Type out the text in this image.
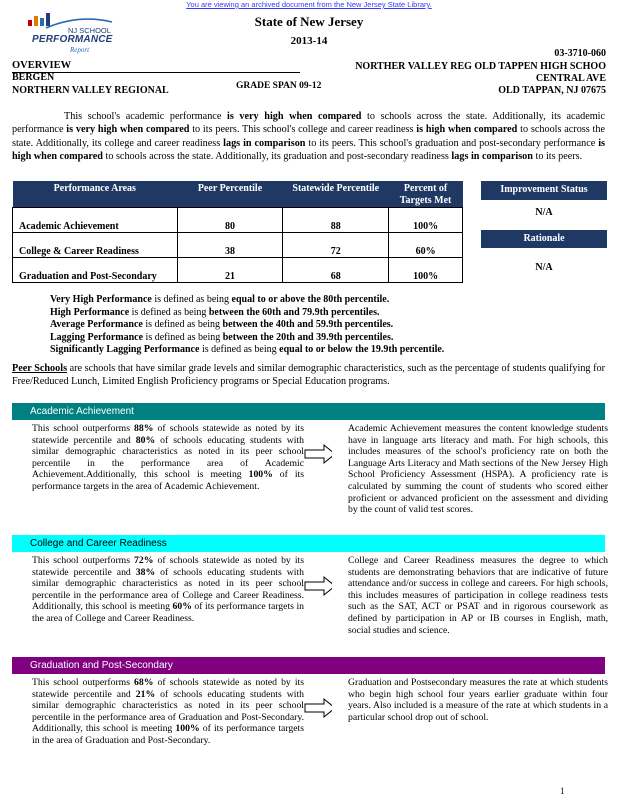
You are viewing an archived document from the New Jersey State Library.
NJ SCHOOL
PERFORMANCE
Report
State of New Jersey
2013-14
03-3710-060
OVERVIEW
BERGEN
NORTHERN VALLEY REGIONAL	GRADE SPAN 09-12
NORTHER VALLEY REG OLD TAPPEN HIGH SCHOO
CENTRAL AVE
OLD TAPPAN, NJ 07675
This school's academic performance is very high when compared to schools across the state. Additionally, its academic performance is very high when compared to its peers. This school's college and career readiness is high when compared to schools across the state. Additionally, its college and career readiness lags in comparison to its peers. This school's graduation and post-secondary performance is high when compared to schools across the state. Additionally, its graduation and post-secondary readiness lags in comparison to its peers.
Performance Areas	Peer Percentile	Statewide Percentile	Percent of Targets Met
Academic Achievement	80	88	100%
College & Career Readiness	38	72	60%
Graduation and Post-Secondary	21	68	100%
Improvement Status
N/A
Rationale
N/A
Very High Performance is defined as being equal to or above the 80th percentile.
High Performance is defined as being between the 60th and 79.9th percentiles.
Average Performance is defined as being between the 40th and 59.9th percentiles.
Lagging Performance is defined as being between the 20th and 39.9th percentiles.
Significantly Lagging Performance is defined as being equal to or below the 19.9th percentile.
Peer Schools are schools that have similar grade levels and similar demographic characteristics, such as the percentage of students qualifying for Free/Reduced Lunch, Limited English Proficiency programs or Special Education programs.
Academic Achievement
This school outperforms 88% of schools statewide as noted by its statewide percentile and 80% of schools educating students with similar demographic characteristics as noted in its peer school percentile in the performance area of Academic Achievement.Additionally, this school is meeting 100% of its performance targets in the area of Academic Achievement.
Academic Achievement measures the content knowledge students have in language arts literacy and math. For high schools, this includes measures of the school's proficiency rate on both the Language Arts Literacy and Math sections of the New Jersey High School Proficiency Assessment (HSPA). A proficiency rate is calculated by summing the count of students who scored either proficient or advanced proficient on the assessment and dividing by the count of valid test scores.
College and Career Readiness
This school outperforms 72% of schools statewide as noted by its statewide percentile and 38% of schools educating students with similar demographic characteristics as noted in its peer school percentile in the performance area of College and Career Readiness. Additionally, this school is meeting 60% of its performance targets in the area of College and Career Readiness.
College and Career Readiness measures the degree to which students are demonstrating behaviors that are indicative of future attendance and/or success in college and careers. For high schools, this includes measures of participation in college readiness tests such as the SAT, ACT or PSAT and in rigorous coursework as defined by participation in AP or IB courses in English, math, social studies and science.
Graduation and Post-Secondary
This school outperforms 68% of schools statewide as noted by its statewide percentile and 21% of schools educating students with similar demographic characteristics as noted in its peer school percentile in the performance area of Graduation and Post-Secondary. Additionally, this school is meeting 100% of its performance targets in the area of Graduation and Post-Secondary.
Graduation and Postsecondary measures the rate at which students who begin high school four years earlier graduate within four years. Also included is a measure of the rate at which students in a particular school drop out of school.
1
